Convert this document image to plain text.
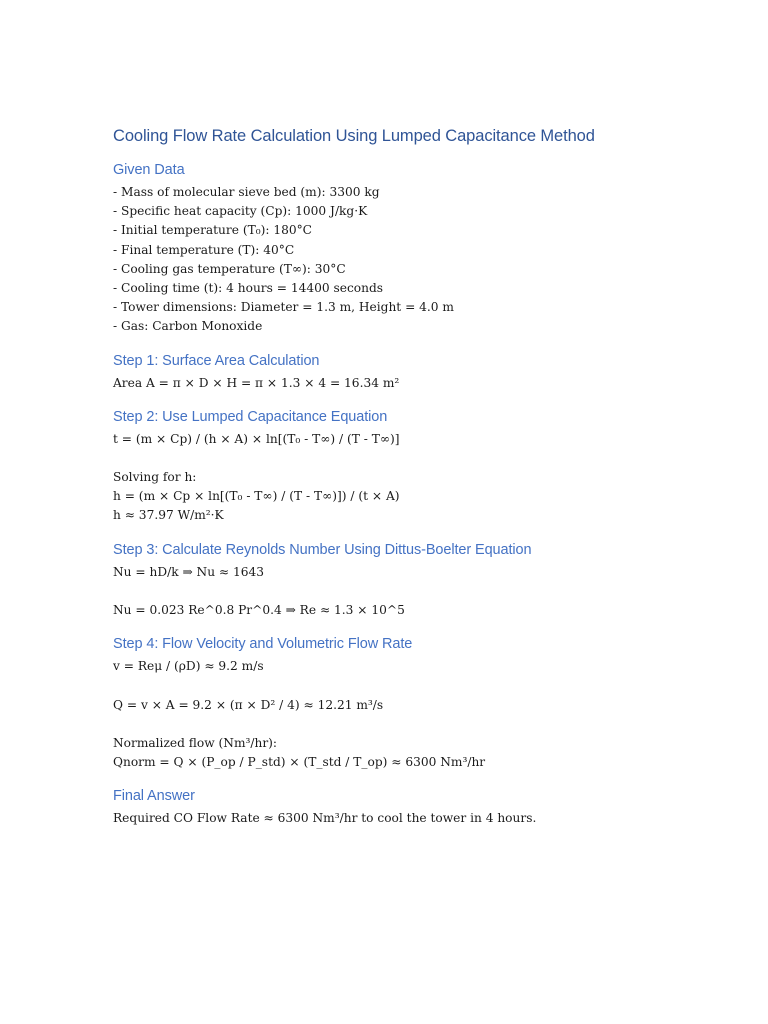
Cooling Flow Rate Calculation Using Lumped Capacitance Method
Given Data
- Mass of molecular sieve bed (m): 3300 kg
- Specific heat capacity (Cp): 1000 J/kg·K
- Initial temperature (T₀): 180°C
- Final temperature (T): 40°C
- Cooling gas temperature (T∞): 30°C
- Cooling time (t): 4 hours = 14400 seconds
- Tower dimensions: Diameter = 1.3 m, Height = 4.0 m
- Gas: Carbon Monoxide
Step 1: Surface Area Calculation
Area A = π × D × H = π × 1.3 × 4 = 16.34 m²
Step 2: Use Lumped Capacitance Equation
t = (m × Cp) / (h × A) × ln[(T₀ - T∞) / (T - T∞)]
Solving for h:
h = (m × Cp × ln[(T₀ - T∞) / (T - T∞)]) / (t × A)
h ≈ 37.97 W/m²·K
Step 3: Calculate Reynolds Number Using Dittus-Boelter Equation
Nu = hD/k ⇒ Nu ≈ 1643
Nu = 0.023 Re^0.8 Pr^0.4 ⇒ Re ≈ 1.3 × 10^5
Step 4: Flow Velocity and Volumetric Flow Rate
v = Reμ / (ρD) ≈ 9.2 m/s
Q = v × A = 9.2 × (π × D² / 4) ≈ 12.21 m³/s
Normalized flow (Nm³/hr):
Qnorm = Q × (P_op / P_std) × (T_std / T_op) ≈ 6300 Nm³/hr
Final Answer
Required CO Flow Rate ≈ 6300 Nm³/hr to cool the tower in 4 hours.
